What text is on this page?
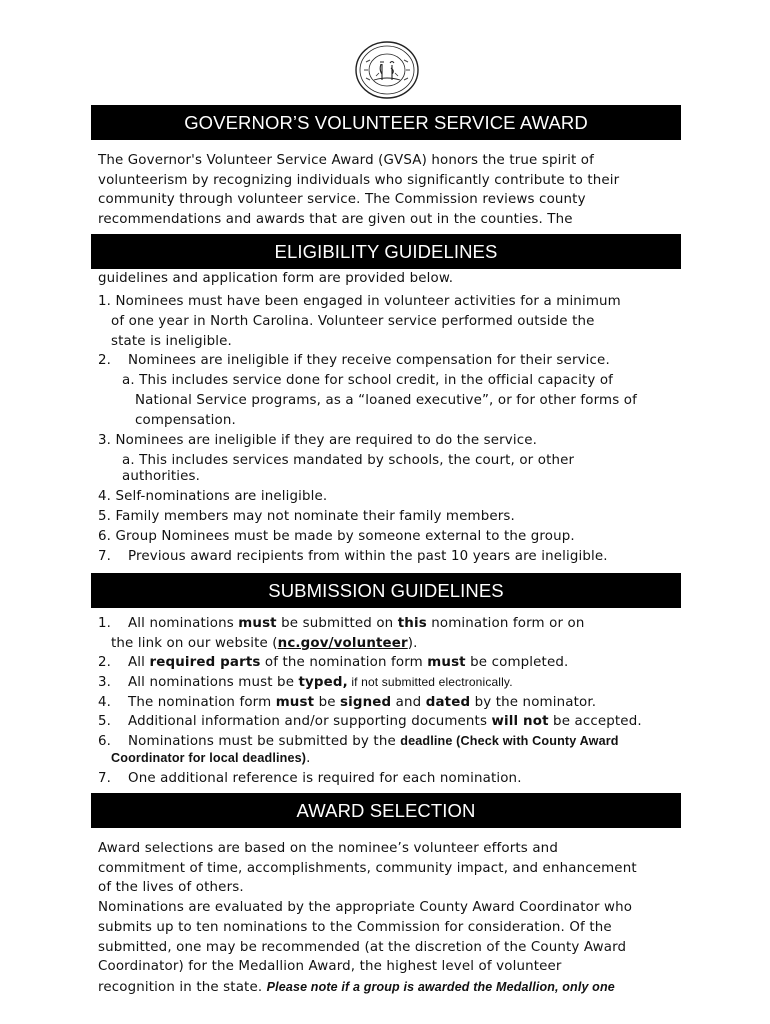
GOVERNOR’S VOLUNTEER SERVICE AWARD
The Governor's Volunteer Service Award (GVSA) honors the true spirit of
volunteerism by recognizing individuals who significantly contribute to their
community through volunteer service. The Commission reviews county
recommendations and awards that are given out in the counties. The
ELIGIBILITY GUIDELINES
guidelines and application form are provided below.
1. Nominees must have been engaged in volunteer activities for a minimum
of one year in North Carolina. Volunteer service performed outside the
state is ineligible.
2. Nominees are ineligible if they receive compensation for their service.
a. This includes service done for school credit, in the official capacity of
National Service programs, as a “loaned executive”, or for other forms of
compensation.
3. Nominees are ineligible if they are required to do the service.
a. This includes services mandated by schools, the court, or other
authorities.
4. Self-nominations are ineligible.
5. Family members may not nominate their family members.
6. Group Nominees must be made by someone external to the group.
7. Previous award recipients from within the past 10 years are ineligible.
SUBMISSION GUIDELINES
1. All nominations must be submitted on this nomination form or on
the link on our website (nc.gov/volunteer).
2. All required parts of the nomination form must be completed.
3. All nominations must be typed, if not submitted electronically.
4. The nomination form must be signed and dated by the nominator.
5. Additional information and/or supporting documents will not be accepted.
6. Nominations must be submitted by the deadline (Check with County Award
Coordinator for local deadlines).
7. One additional reference is required for each nomination.
AWARD SELECTION
Award selections are based on the nominee’s volunteer efforts and
commitment of time, accomplishments, community impact, and enhancement
of the lives of others.
Nominations are evaluated by the appropriate County Award Coordinator who
submits up to ten nominations to the Commission for consideration. Of the
submitted, one may be recommended (at the discretion of the County Award
Coordinator) for the Medallion Award, the highest level of volunteer
recognition in the state. Please note if a group is awarded the Medallion, only one
